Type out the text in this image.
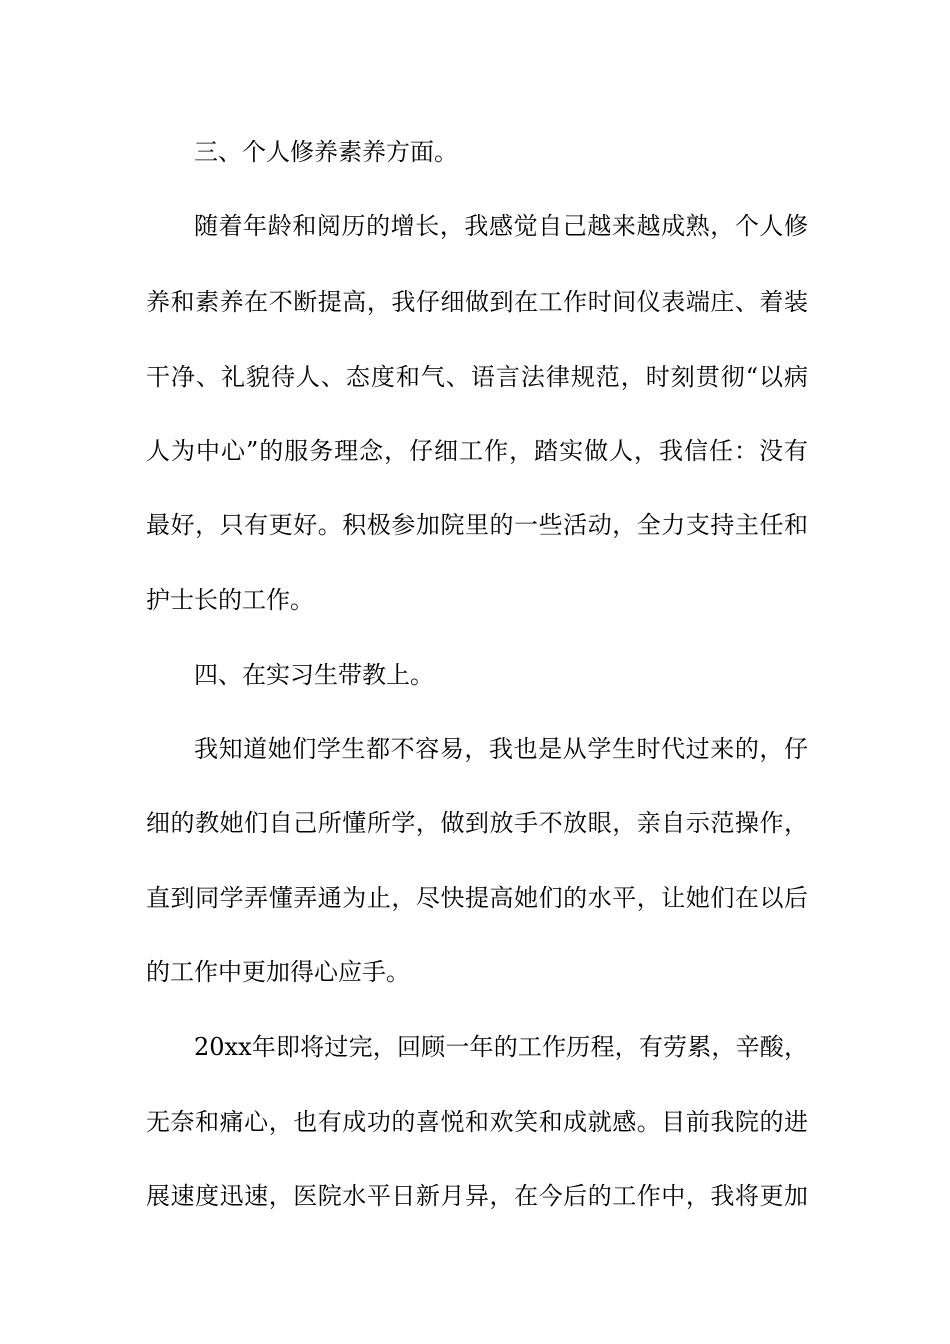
三、个人修养素养方面。
随着年龄和阅历的增长，我感觉自己越来越成熟，个人修
养和素养在不断提高，我仔细做到在工作时间仪表端庄、着装
干净、礼貌待人、态度和气、语言法律规范，时刻贯彻“以病
人为中心”的服务理念，仔细工作，踏实做人，我信任：没有
最好，只有更好。积极参加院里的一些活动，全力支持主任和
护士长的工作。
四、在实习生带教上。
我知道她们学生都不容易，我也是从学生时代过来的，仔
细的教她们自己所懂所学，做到放手不放眼，亲自示范操作，
直到同学弄懂弄通为止，尽快提高她们的水平，让她们在以后
的工作中更加得心应手。
20xx年即将过完，回顾一年的工作历程，有劳累，辛酸，
无奈和痛心，也有成功的喜悦和欢笑和成就感。目前我院的进
展速度迅速，医院水平日新月异，在今后的工作中，我将更加
